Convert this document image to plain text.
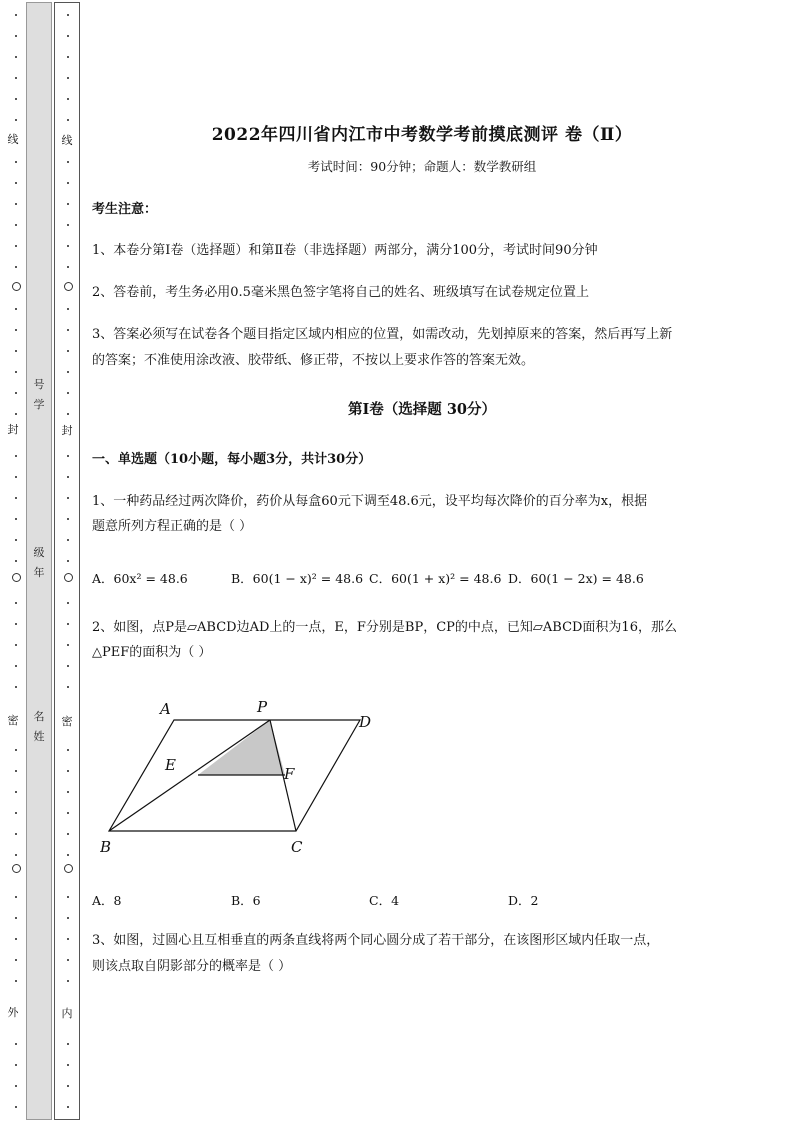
线
封
密
外
号
学
级
年
名
姓
线
封
密
内
2022年四川省内江市中考数学考前摸底测评 卷（Ⅱ）
考试时间：90分钟；命题人：数学教研组
考生注意：
1、本卷分第Ⅰ卷（选择题）和第Ⅱ卷（非选择题）两部分，满分100分，考试时间90分钟
2、答卷前，考生务必用0.5毫米黑色签字笔将自己的姓名、班级填写在试卷规定位置上
3、答案必须写在试卷各个题目指定区域内相应的位置，如需改动，先划掉原来的答案，然后再写上新
的答案；不准使用涂改液、胶带纸、修正带，不按以上要求作答的答案无效。
第Ⅰ卷（选择题 30分）
一、单选题（10小题，每小题3分，共计30分）
1、一种药品经过两次降价，药价从每盒60元下调至48.6元，设平均每次降价的百分率为x，根据
题意所列方程正确的是（ ）
A．60x² = 48.6	B．60(1 − x)² = 48.6 C．60(1 + x)² = 48.6 D．60(1 − 2x) = 48.6
2、如图，点P是▱ABCD边AD上的一点，E，F分别是BP，CP的中点，已知▱ABCD面积为16，那么
△PEF的面积为（ ）
A	P
D
E	F
B	C
A．8	B．6	C．4	D．2
3、如图，过圆心且互相垂直的两条直线将两个同心圆分成了若干部分，在该图形区域内任取一点，
则该点取自阴影部分的概率是（ ）
